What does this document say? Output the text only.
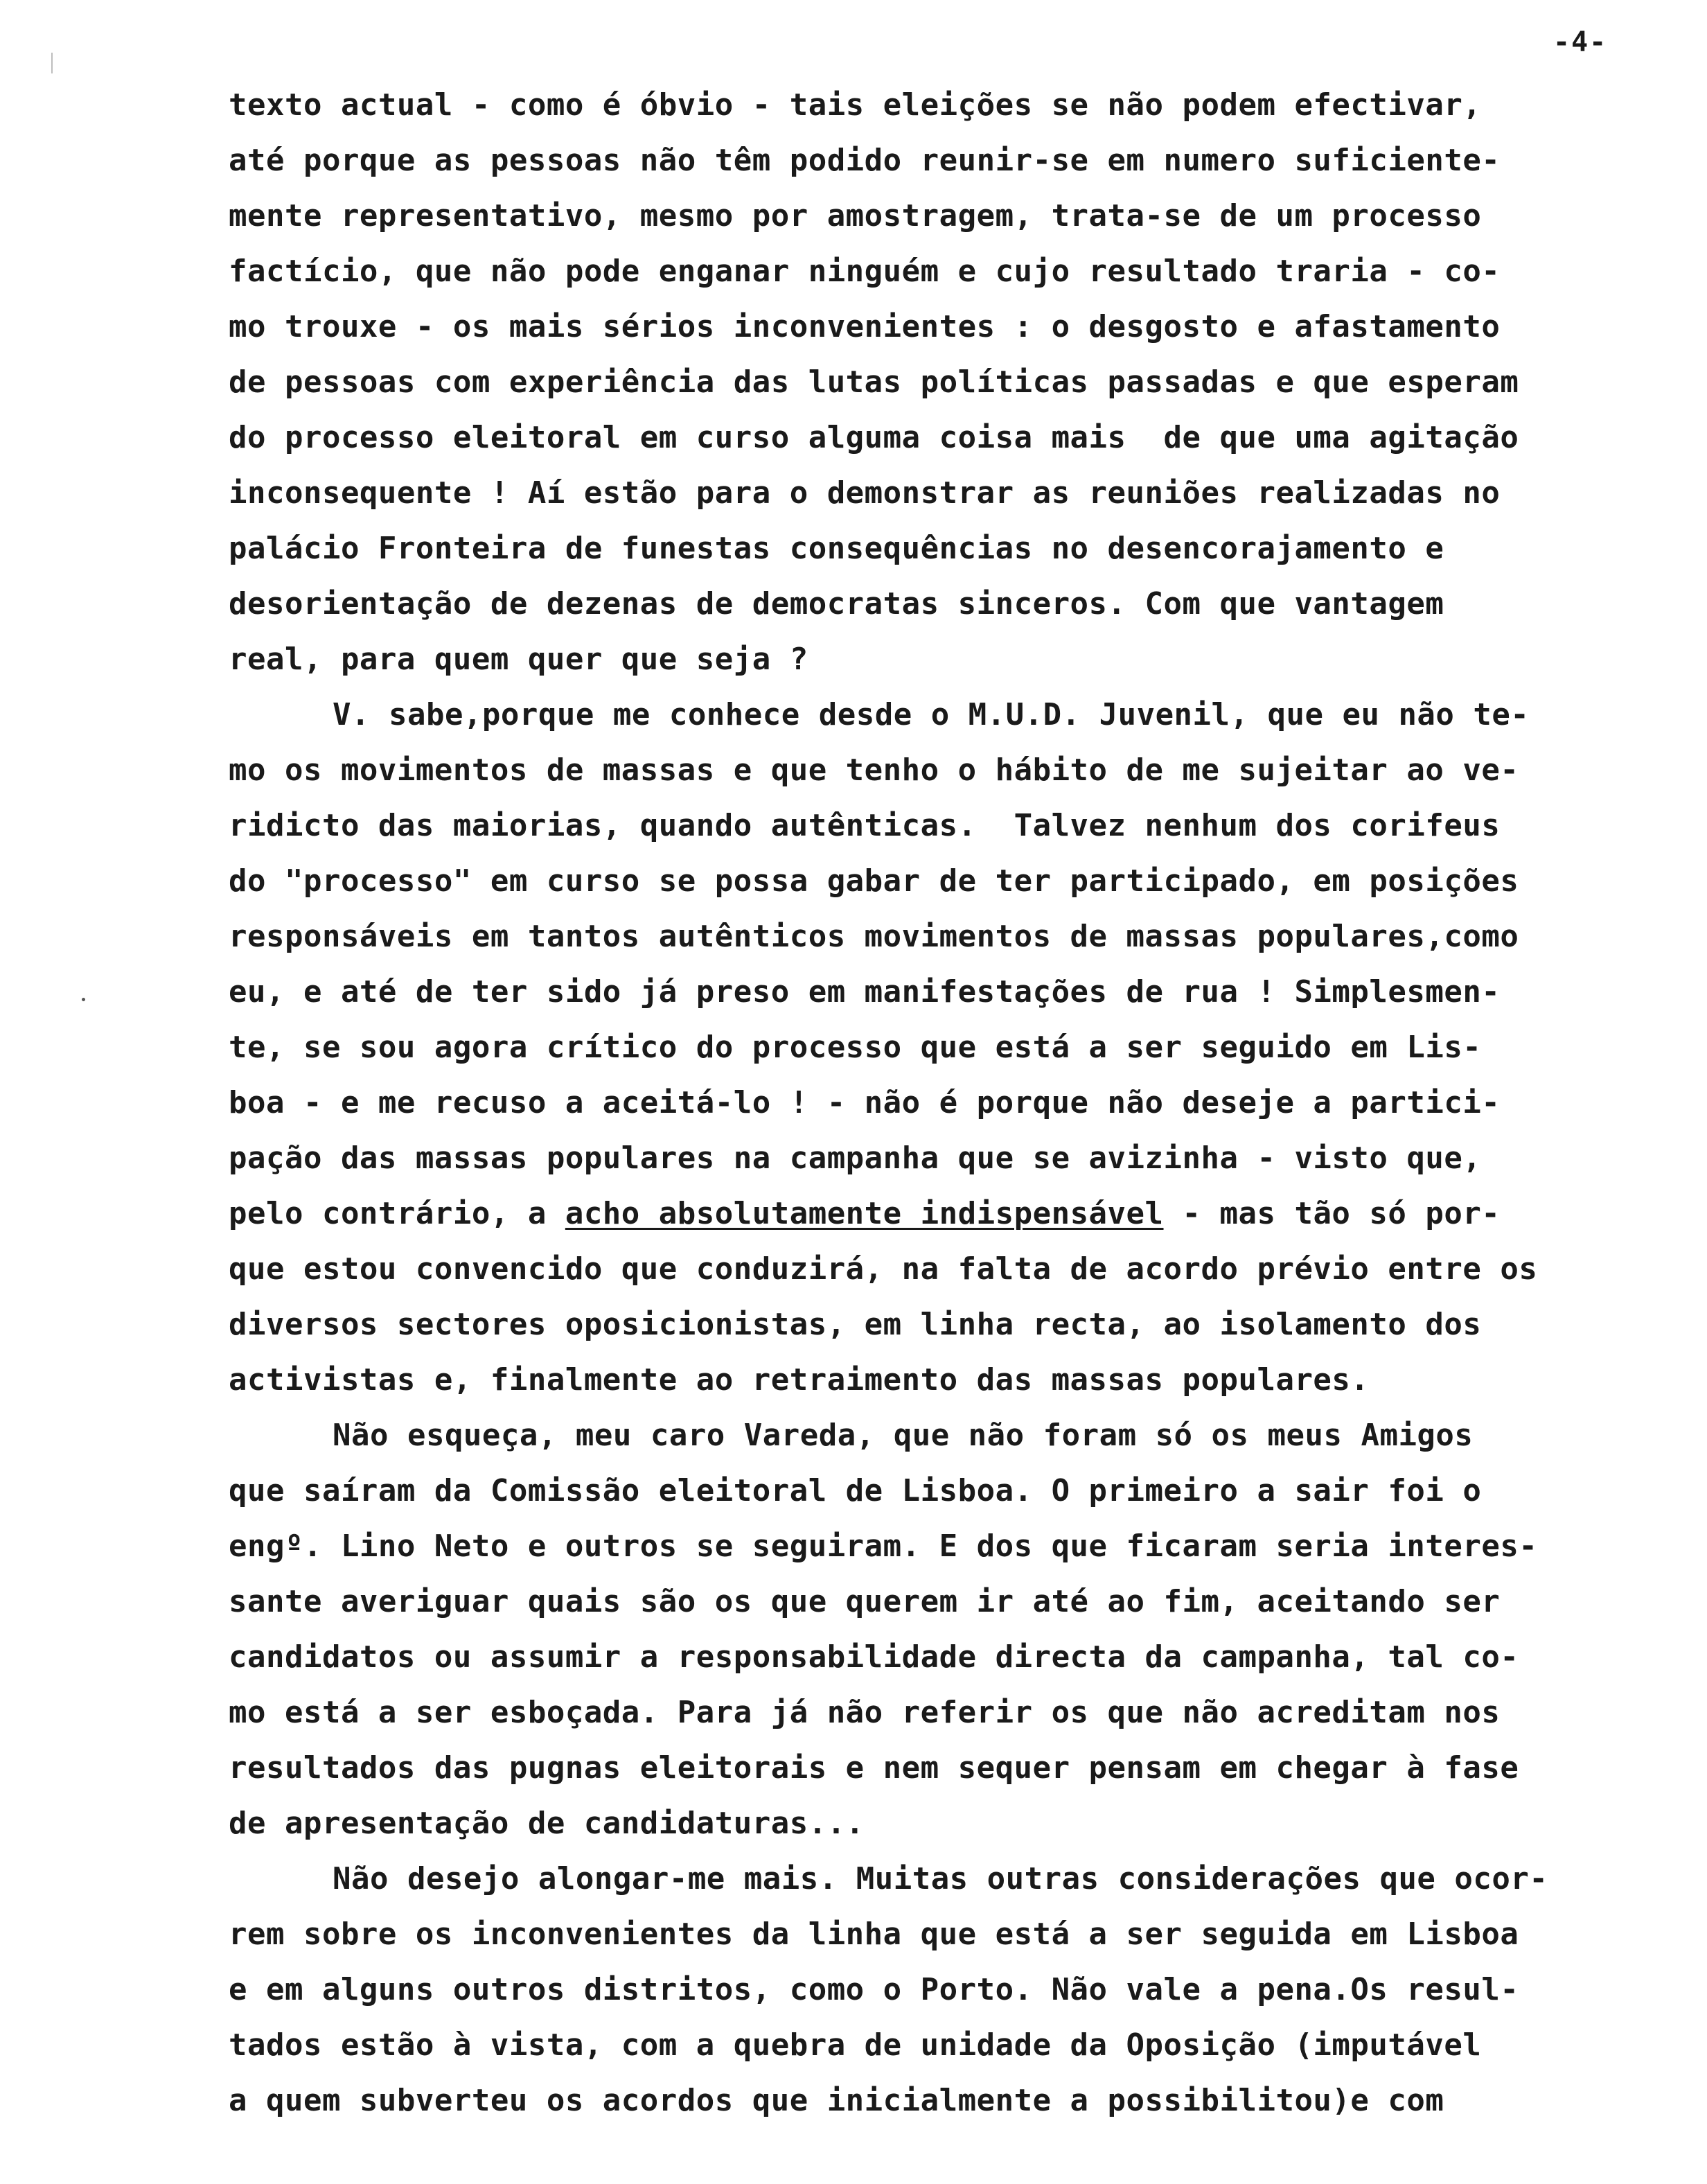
-4-
texto actual - como é óbvio - tais eleições se não podem efectivar,
até porque as pessoas não têm podido reunir-se em numero suficiente-
mente representativo, mesmo por amostragem, trata-se de um processo
factício, que não pode enganar ninguém e cujo resultado traria - co-
mo trouxe - os mais sérios inconvenientes : o desgosto e afastamento
de pessoas com experiência das lutas políticas passadas e que esperam
do processo eleitoral em curso alguma coisa mais  de que uma agitação
inconsequente ! Aí estão para o demonstrar as reuniões realizadas no
palácio Fronteira de funestas consequências no desencorajamento e
desorientação de dezenas de democratas sinceros. Com que vantagem
real, para quem quer que seja ?
V. sabe,porque me conhece desde o M.U.D. Juvenil, que eu não te-
mo os movimentos de massas e que tenho o hábito de me sujeitar ao ve-
ridicto das maiorias, quando autênticas.  Talvez nenhum dos corifeus
do "processo" em curso se possa gabar de ter participado, em posições
responsáveis em tantos autênticos movimentos de massas populares,como
eu, e até de ter sido já preso em manifestações de rua ! Simplesmen-
te, se sou agora crítico do processo que está a ser seguido em Lis-
boa - e me recuso a aceitá-lo ! - não é porque não deseje a partici-
pação das massas populares na campanha que se avizinha - visto que,
pelo contrário, a acho absolutamente indispensável - mas tão só por-
que estou convencido que conduzirá, na falta de acordo prévio entre os
diversos sectores oposicionistas, em linha recta, ao isolamento dos
activistas e, finalmente ao retraimento das massas populares.
Não esqueça, meu caro Vareda, que não foram só os meus Amigos
que saíram da Comissão eleitoral de Lisboa. O primeiro a sair foi o
engº. Lino Neto e outros se seguiram. E dos que ficaram seria interes-
sante averiguar quais são os que querem ir até ao fim, aceitando ser
candidatos ou assumir a responsabilidade directa da campanha, tal co-
mo está a ser esboçada. Para já não referir os que não acreditam nos
resultados das pugnas eleitorais e nem sequer pensam em chegar à fase
de apresentação de candidaturas...
Não desejo alongar-me mais. Muitas outras considerações que ocor-
rem sobre os inconvenientes da linha que está a ser seguida em Lisboa
e em alguns outros distritos, como o Porto. Não vale a pena.Os resul-
tados estão à vista, com a quebra de unidade da Oposição (imputável
a quem subverteu os acordos que inicialmente a possibilitou)e com
